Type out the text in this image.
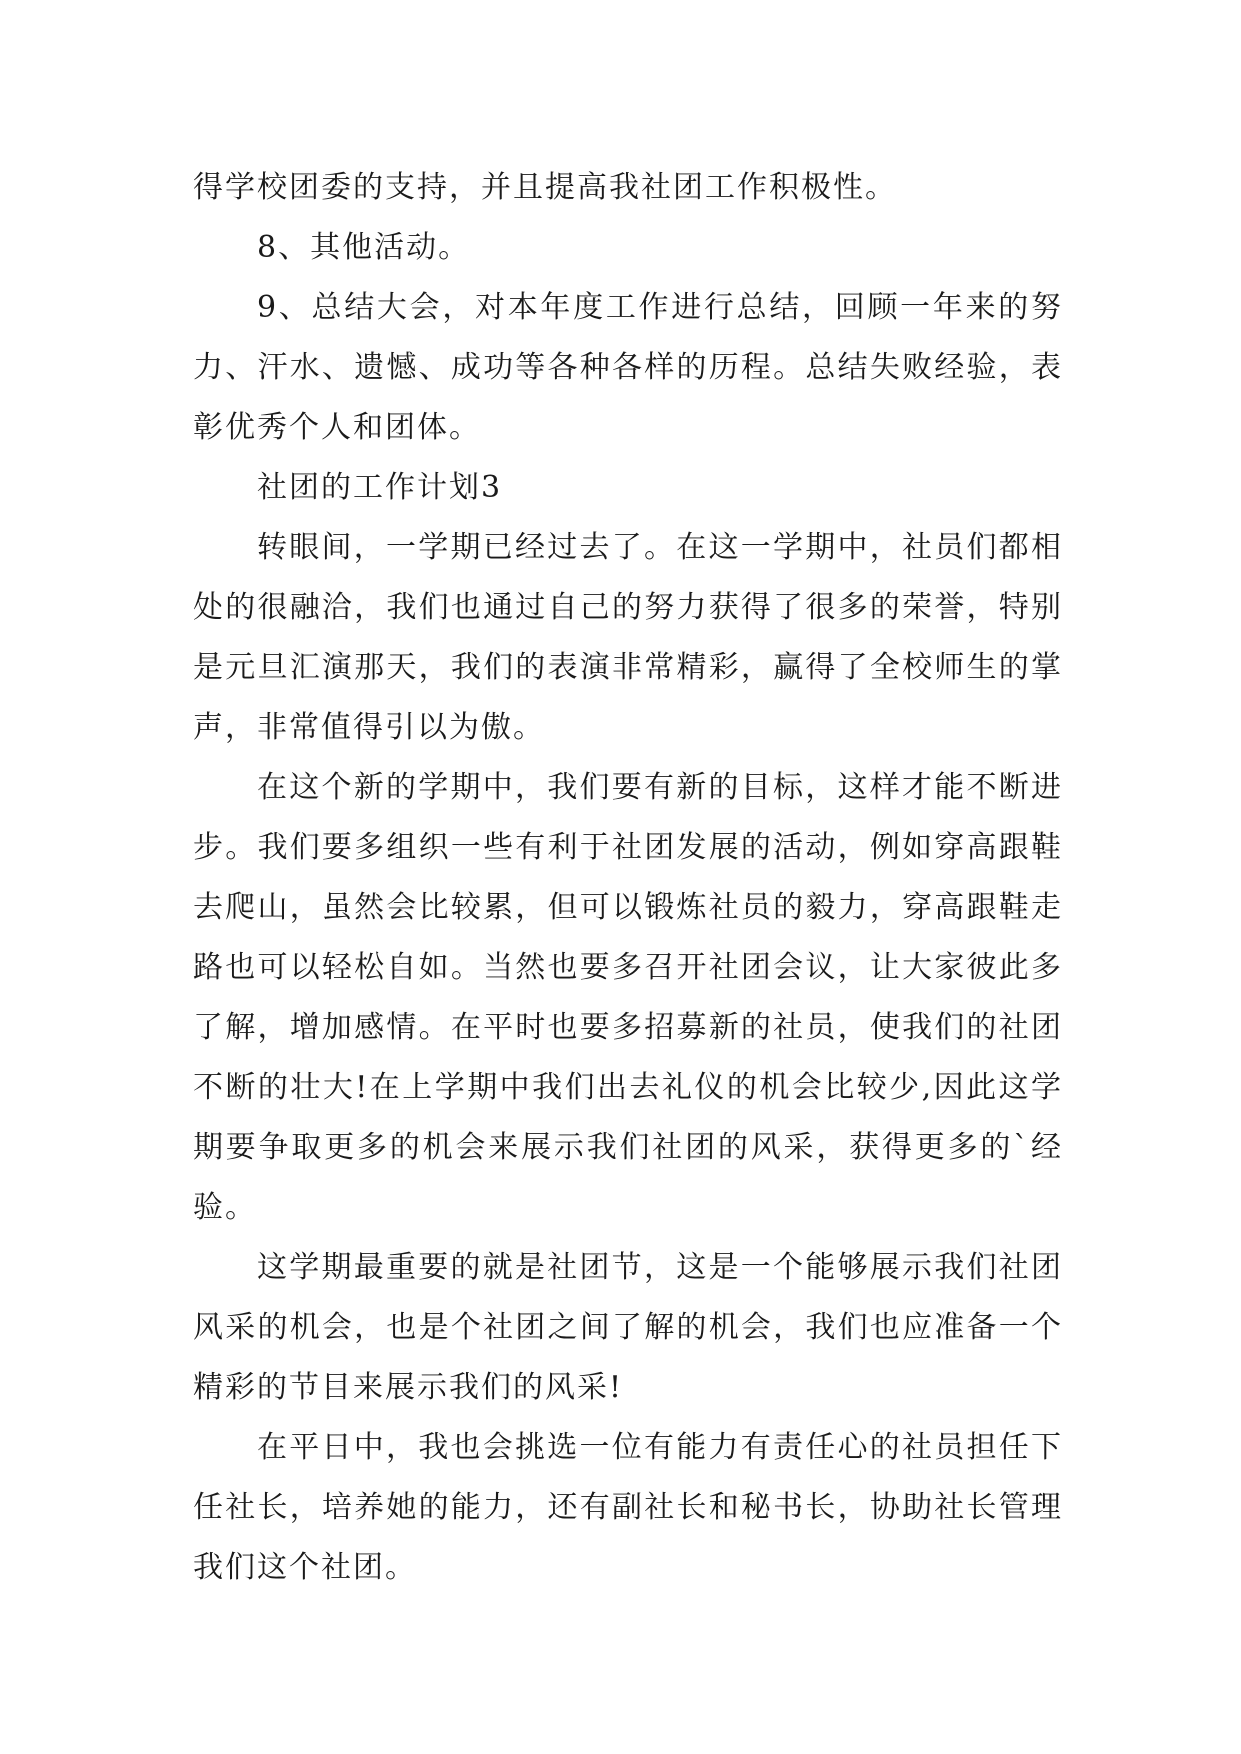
得学校团委的支持，并且提高我社团工作积极性。

8、其他活动。

9、总结大会，对本年度工作进行总结，回顾一年来的努力、汗水、遗憾、成功等各种各样的历程。总结失败经验，表彰优秀个人和团体。

社团的工作计划3

转眼间，一学期已经过去了。在这一学期中，社员们都相处的很融洽，我们也通过自己的努力获得了很多的荣誉，特别是元旦汇演那天，我们的表演非常精彩，赢得了全校师生的掌声，非常值得引以为傲。

在这个新的学期中，我们要有新的目标，这样才能不断进步。我们要多组织一些有利于社团发展的活动，例如穿高跟鞋去爬山，虽然会比较累，但可以锻炼社员的毅力，穿高跟鞋走路也可以轻松自如。当然也要多召开社团会议，让大家彼此多了解，增加感情。在平时也要多招募新的社员，使我们的社团不断的壮大!在上学期中我们出去礼仪的机会比较少,因此这学期要争取更多的机会来展示我们社团的风采，获得更多的`经验。

这学期最重要的就是社团节，这是一个能够展示我们社团风采的机会，也是个社团之间了解的机会，我们也应准备一个精彩的节目来展示我们的风采!

在平日中，我也会挑选一位有能力有责任心的社员担任下任社长，培养她的能力，还有副社长和秘书长，协助社长管理我们这个社团。
